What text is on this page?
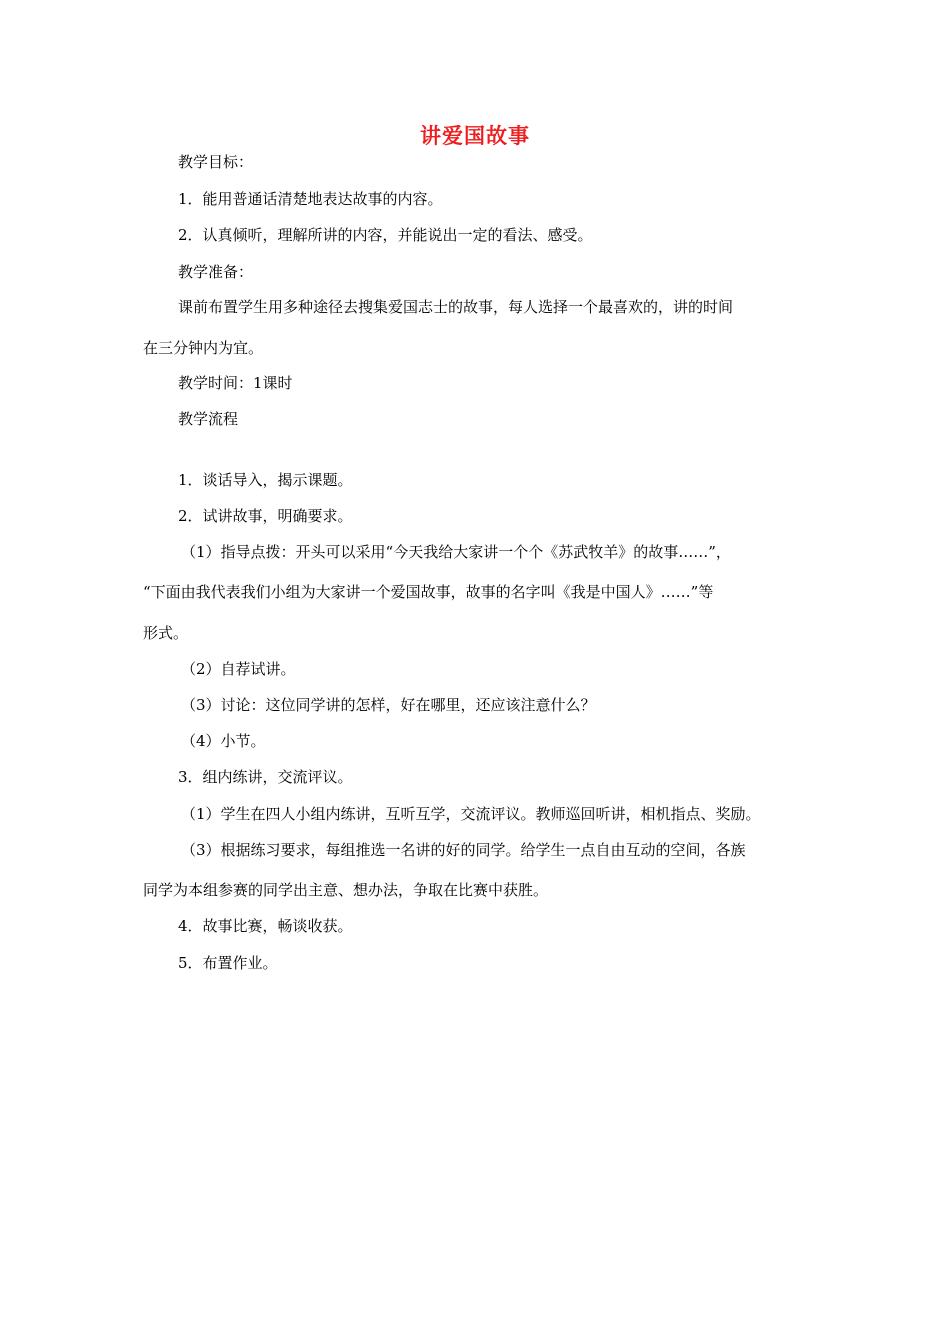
讲爱国故事
教学目标：
1．能用普通话清楚地表达故事的内容。
2．认真倾听，理解所讲的内容，并能说出一定的看法、感受。
教学准备：
课前布置学生用多种途径去搜集爱国志士的故事，每人选择一个最喜欢的，讲的时间
在三分钟内为宜。
教学时间：1课时
教学流程
1．谈话导入，揭示课题。
2．试讲故事，明确要求。
（1）指导点拨：开头可以采用“今天我给大家讲一个个《苏武牧羊》的故事……”，
“下面由我代表我们小组为大家讲一个爱国故事，故事的名字叫《我是中国人》……”等
形式。
（2）自荐试讲。
（3）讨论：这位同学讲的怎样，好在哪里，还应该注意什么？
（4）小节。
3．组内练讲，交流评议。
（1）学生在四人小组内练讲，互听互学，交流评议。教师巡回听讲，相机指点、奖励。
（3）根据练习要求，每组推选一名讲的好的同学。给学生一点自由互动的空间，各族
同学为本组参赛的同学出主意、想办法，争取在比赛中获胜。
4．故事比赛，畅谈收获。
5．布置作业。
